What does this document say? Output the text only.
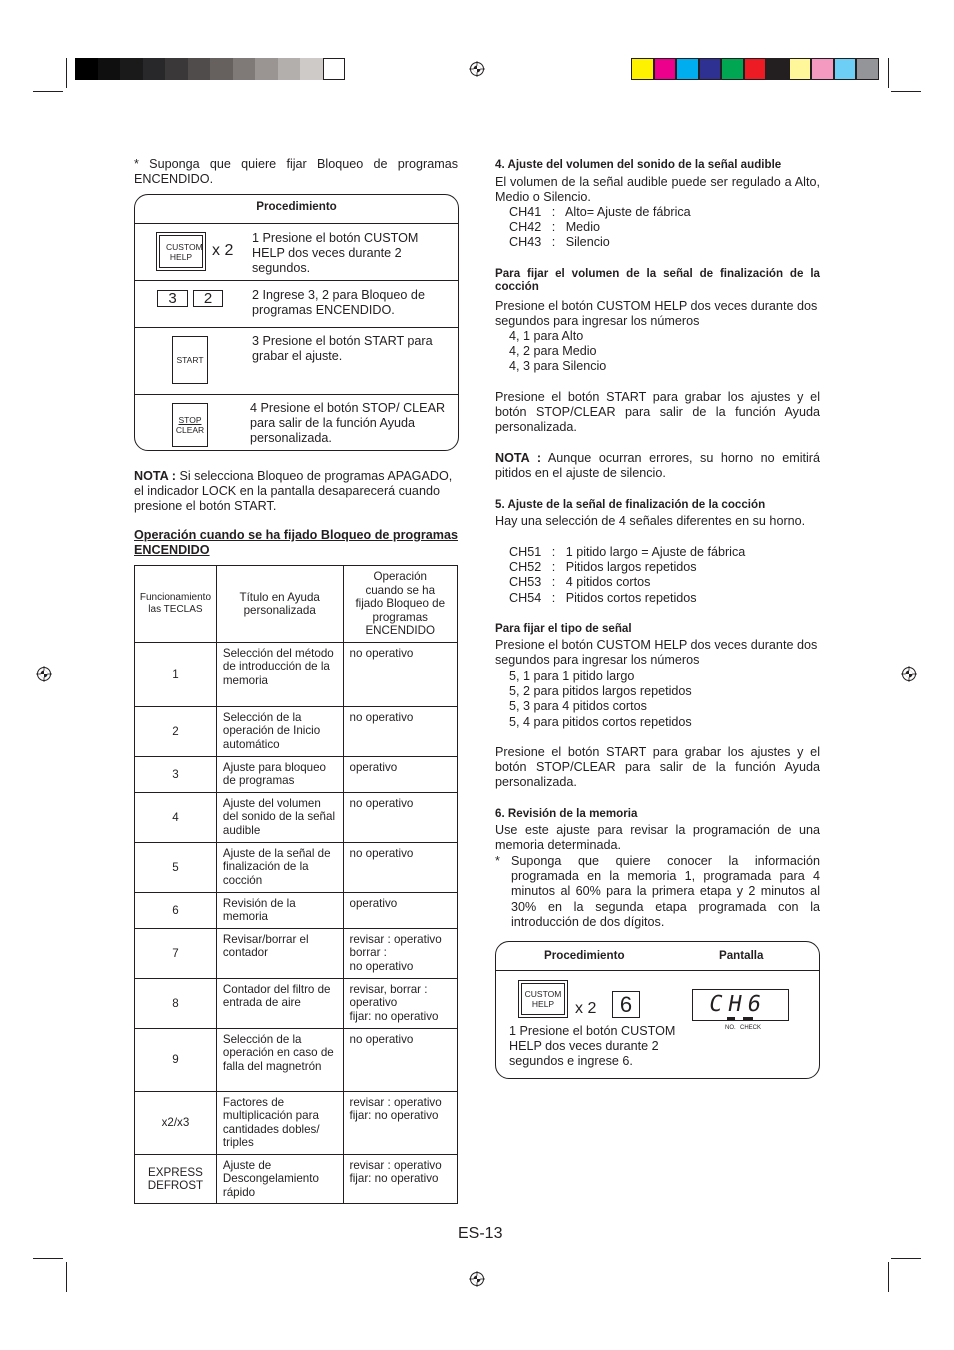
* Suponga que quiere fijar Bloqueo de programas ENCENDIDO.
Procedimiento
CUSTOM HELP x 2
1 Presione el botón CUSTOM HELP dos veces durante 2 segundos.
3	2	2 Ingrese 3, 2 para Bloqueo de programas ENCENDIDO.
START
3 Presione el botón START para grabar el ajuste.
STOP
CLEAR
4 Presione el botón STOP/ CLEAR para salir de la función Ayuda personalizada.
NOTA : Si selecciona Bloqueo de programas APAGADO, el indicador LOCK en la pantalla desaparecerá cuando presione el botón START.
Operación cuando se ha fijado Bloqueo de programas ENCENDIDO
Funcionamiento las TECLAS	Título en Ayuda personalizada	Operación cuando se ha fijado Bloqueo de programas ENCENDIDO
1	Selección del método de introducción de la memoria	no operativo
2	Selección de la operación de Inicio automático	no operativo
3	Ajuste para bloqueo de programas	operativo
4	Ajuste del volumen del sonido de la señal audible	no operativo
5	Ajuste de la señal de finalización de la cocción	no operativo
6	Revisión de la memoria	operativo
7	Revisar/borrar el contador	revisar : operativo
borrar :
no operativo
8	Contador del filtro de entrada de aire	revisar, borrar :
operativo
fijar: no operativo
9	Selección de la operación en caso de falla del magnetrón	no operativo
x2/x3	Factores de multiplicación para cantidades dobles/ triples	revisar : operativo
fijar: no operativo
EXPRESS
DEFROST	Ajuste de Descongelamiento rápido	revisar : operativo
fijar: no operativo
4. Ajuste del volumen del sonido de la señal audible
El volumen de la señal audible puede ser regulado a Alto, Medio o Silencio.
CH41   :   Alto= Ajuste de fábrica
CH42   :   Medio
CH43   :   Silencio
Para fijar el volumen de la señal de finalización de la cocción
Presione el botón CUSTOM HELP dos veces durante dos segundos para ingresar los números
4, 1 para Alto
4, 2 para Medio
4, 3 para Silencio
Presione el botón START para grabar los ajustes y el botón STOP/CLEAR para salir de la función Ayuda personalizada.
NOTA : Aunque ocurran errores, su horno no emitirá pitidos en el ajuste de silencio.
5. Ajuste de la señal de finalización de la cocción
Hay una selección de 4 señales diferentes en su horno.
CH51   :   1 pitido largo = Ajuste de fábrica
CH52   :   Pitidos largos repetidos
CH53   :   4 pitidos cortos
CH54   :   Pitidos cortos repetidos
Para fijar el tipo de señal
Presione el botón CUSTOM HELP dos veces durante dos segundos para ingresar los números
5, 1 para 1 pitido largo
5, 2 para pitidos largos repetidos
5, 3 para 4 pitidos cortos
5, 4 para pitidos cortos repetidos
Presione el botón START para grabar los ajustes y el botón STOP/CLEAR para salir de la función Ayuda personalizada.
6. Revisión de la memoria
Use este ajuste para revisar la programación de una memoria determinada.
* Suponga que quiere conocer la información programada en la memoria 1, programada para 4 minutos al 60% para la primera etapa y 2 minutos al 30% en la segunda etapa programada con la introducción de dos dígitos.
Procedimiento	Pantalla
CUSTOM HELP	x 2	6	CH6
NO. CHECK
1 Presione el botón CUSTOM HELP dos veces durante 2 segundos e ingrese 6.
ES-13
